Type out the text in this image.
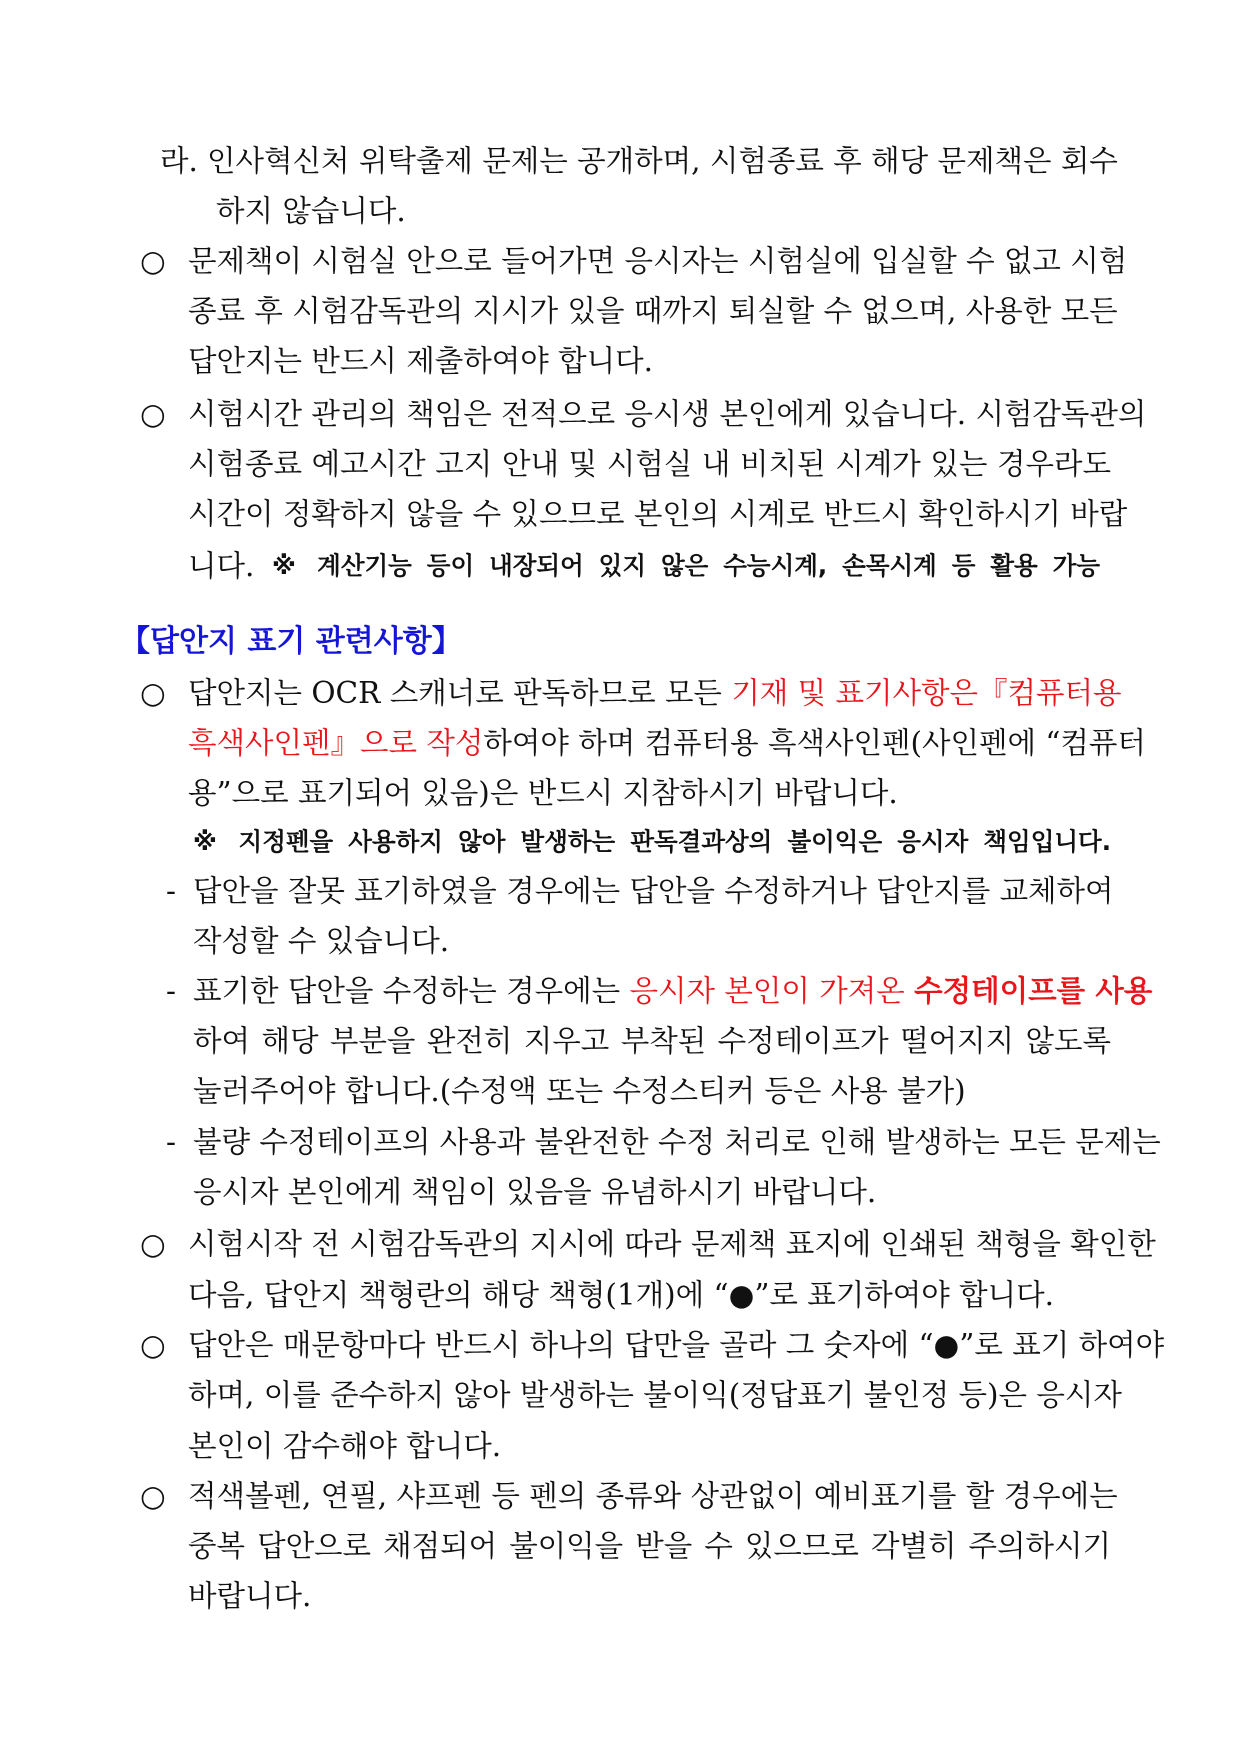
라. 인사혁신처 위탁출제 문제는 공개하며, 시험종료 후 해당 문제책은 회수
하지 않습니다.
○ 문제책이 시험실 안으로 들어가면 응시자는 시험실에 입실할 수 없고 시험
종료 후 시험감독관의 지시가 있을 때까지 퇴실할 수 없으며, 사용한 모든
답안지는 반드시 제출하여야 합니다.
○ 시험시간 관리의 책임은 전적으로 응시생 본인에게 있습니다. 시험감독관의
시험종료 예고시간 고지 안내 및 시험실 내 비치된 시계가 있는 경우라도
시간이 정확하지 않을 수 있으므로 본인의 시계로 반드시 확인하시기 바랍
니다. ※ 계산기능 등이 내장되어 있지 않은 수능시계, 손목시계 등 활용 가능
【답안지 표기 관련사항】
○ 답안지는 OCR 스캐너로 판독하므로 모든 기재 및 표기사항은『컴퓨터용
흑색사인펜』으로 작성하여야 하며 컴퓨터용 흑색사인펜(사인펜에 “컴퓨터
용”으로 표기되어 있음)은 반드시 지참하시기 바랍니다.
※ 지정펜을 사용하지 않아 발생하는 판독결과상의 불이익은 응시자 책임입니다.
- 답안을 잘못 표기하였을 경우에는 답안을 수정하거나 답안지를 교체하여
작성할 수 있습니다.
- 표기한 답안을 수정하는 경우에는 응시자 본인이 가져온 수정테이프를 사용
하여 해당 부분을 완전히 지우고 부착된 수정테이프가 떨어지지 않도록
눌러주어야 합니다.(수정액 또는 수정스티커 등은 사용 불가)
- 불량 수정테이프의 사용과 불완전한 수정 처리로 인해 발생하는 모든 문제는
응시자 본인에게 책임이 있음을 유념하시기 바랍니다.
○ 시험시작 전 시험감독관의 지시에 따라 문제책 표지에 인쇄된 책형을 확인한
다음, 답안지 책형란의 해당 책형(1개)에 “●”로 표기하여야 합니다.
○ 답안은 매문항마다 반드시 하나의 답만을 골라 그 숫자에 “●”로 표기 하여야
하며, 이를 준수하지 않아 발생하는 불이익(정답표기 불인정 등)은 응시자
본인이 감수해야 합니다.
○ 적색볼펜, 연필, 샤프펜 등 펜의 종류와 상관없이 예비표기를 할 경우에는
중복 답안으로 채점되어 불이익을 받을 수 있으므로 각별히 주의하시기
바랍니다.
